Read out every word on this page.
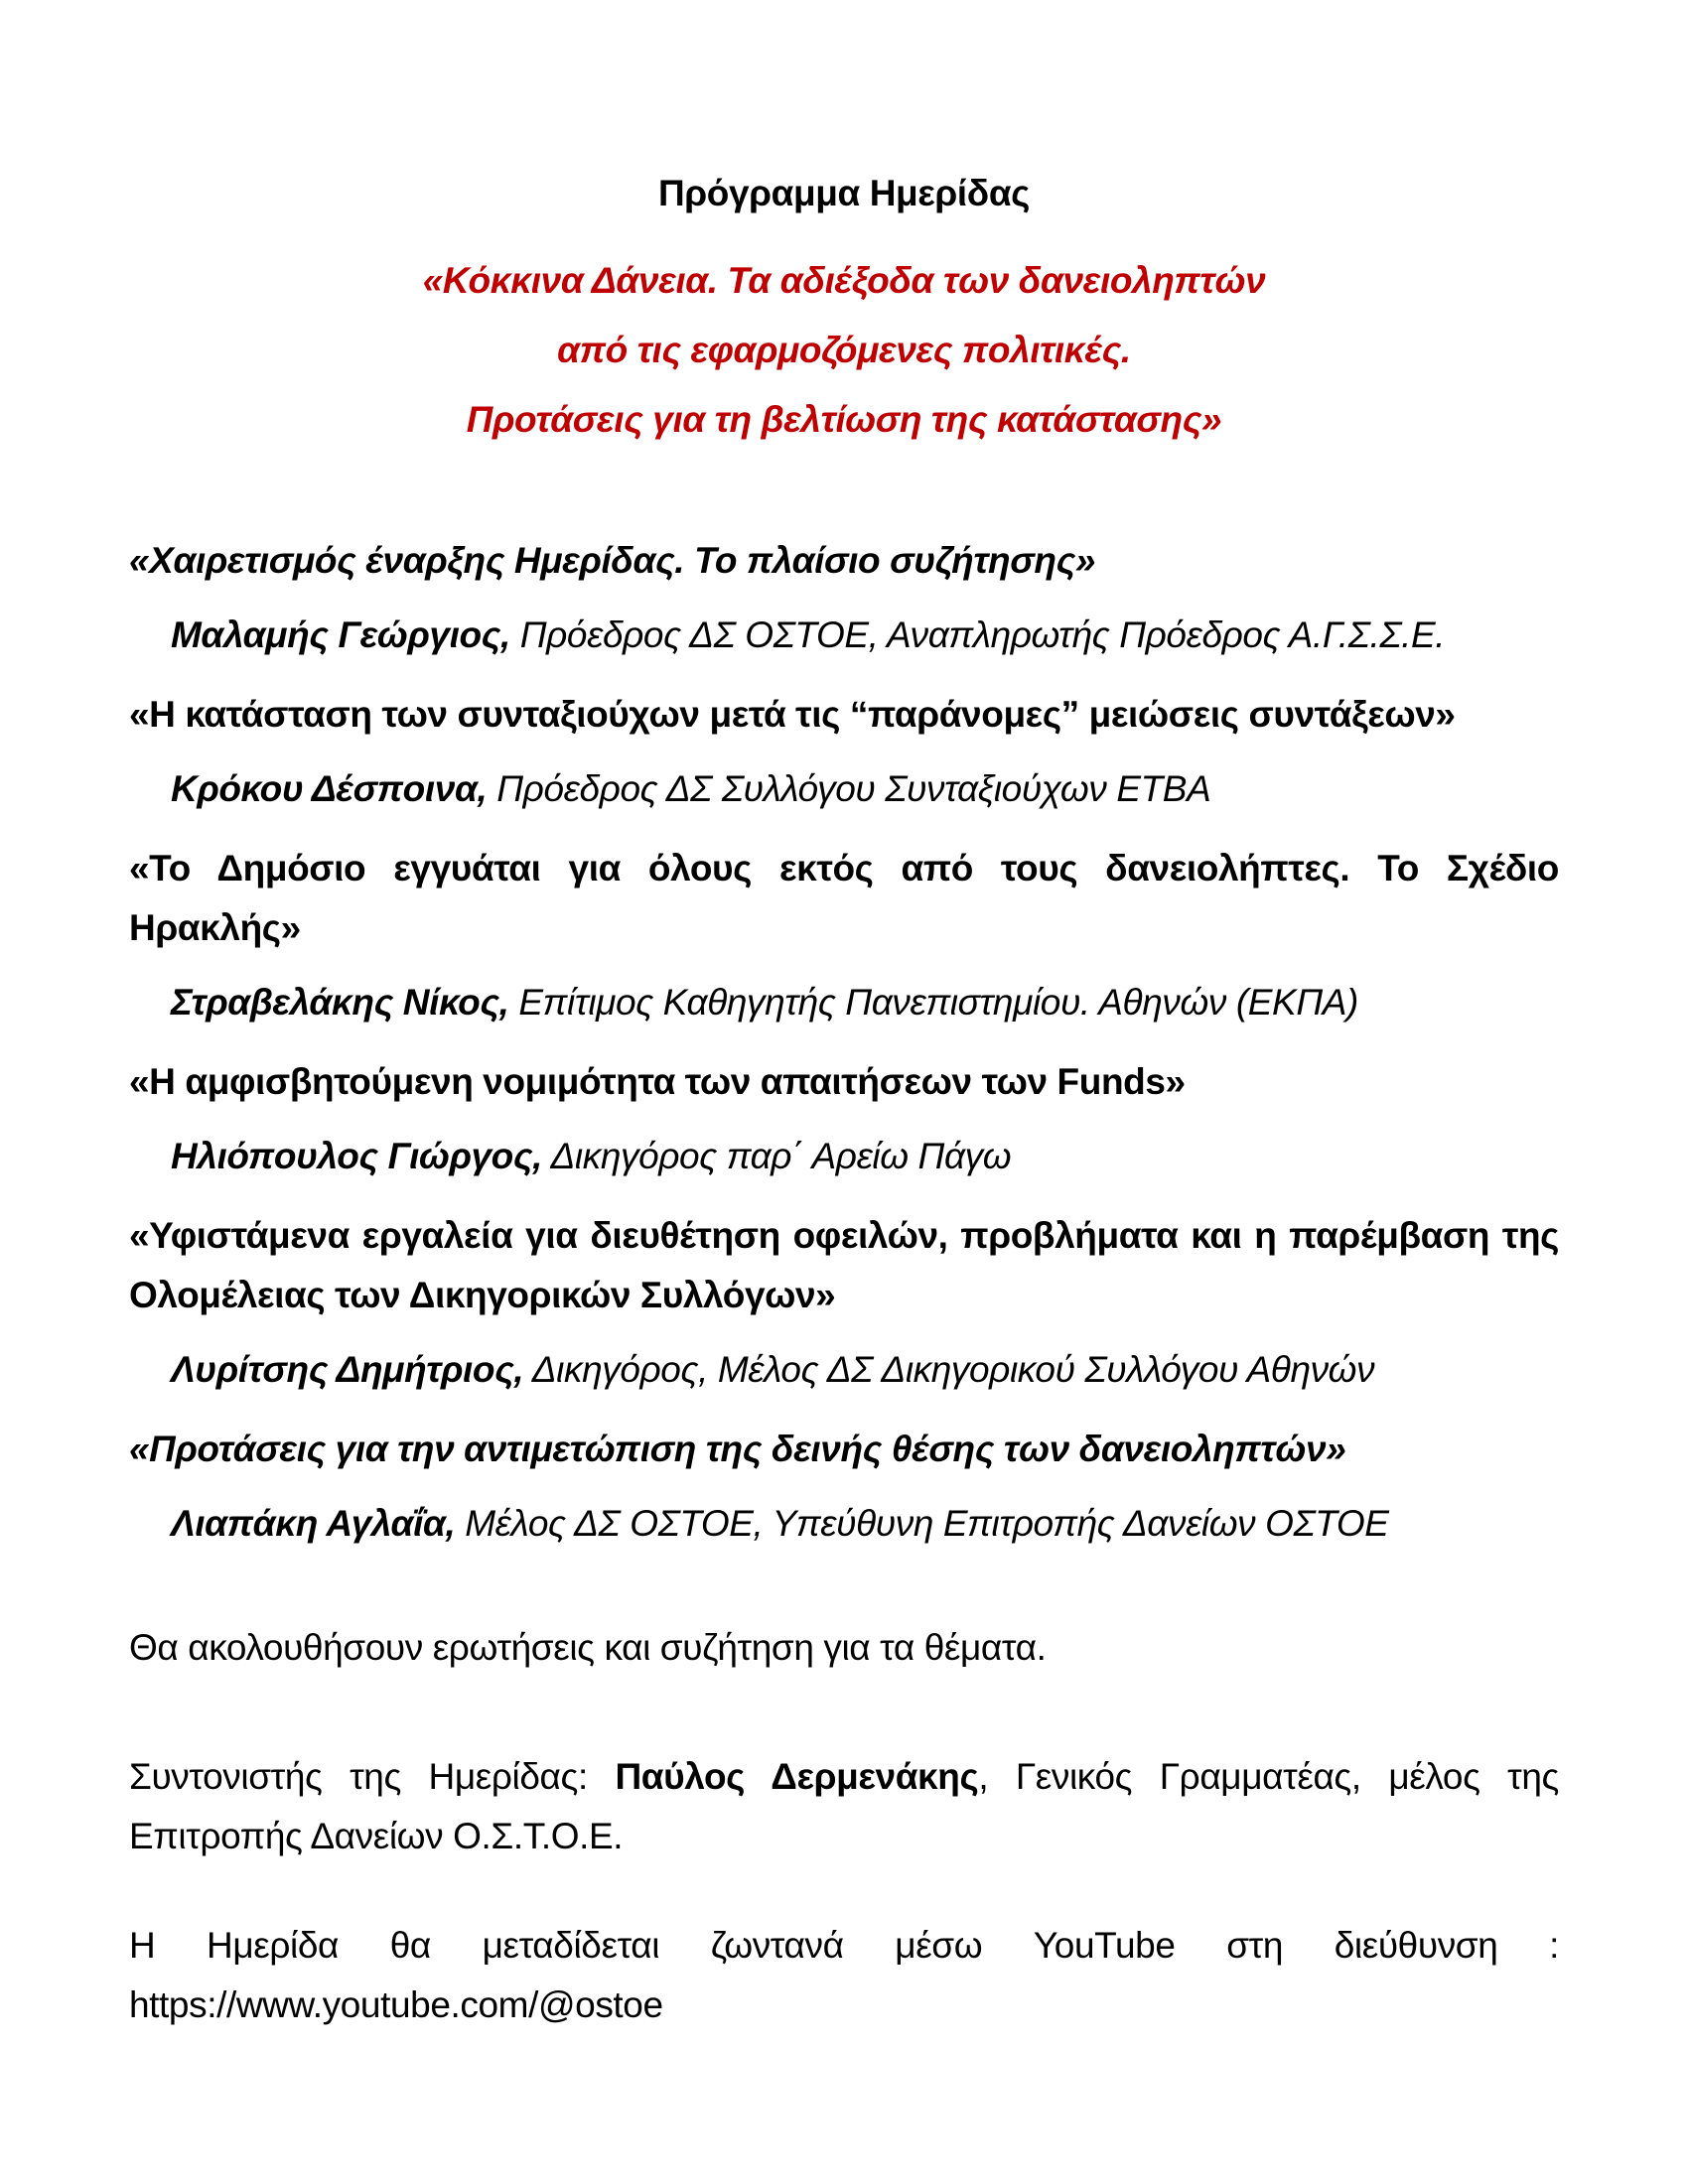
Πρόγραμμα Ημερίδας

«Κόκκινα Δάνεια. Τα αδιέξοδα των δανειοληπτών

από τις εφαρμοζόμενες πολιτικές.

Προτάσεις για τη βελτίωση της κατάστασης»

«Χαιρετισμός έναρξης Ημερίδας. Το πλαίσιο συζήτησης»

Μαλαμής Γεώργιος, Πρόεδρος ΔΣ ΟΣΤΟΕ, Αναπληρωτής Πρόεδρος Α.Γ.Σ.Σ.Ε.

«Η κατάσταση των συνταξιούχων μετά τις “παράνομες” μειώσεις συντάξεων»

Κρόκου Δέσποινα, Πρόεδρος ΔΣ Συλλόγου Συνταξιούχων ΕΤΒΑ

«Το Δημόσιο εγγυάται για όλους εκτός από τους δανειολήπτες. Το Σχέδιο Ηρακλής»

Στραβελάκης Νίκος, Επίτιμος Καθηγητής Πανεπιστημίου. Αθηνών (ΕΚΠΑ)

«Η αμφισβητούμενη νομιμότητα των απαιτήσεων των Funds»

Ηλιόπουλος Γιώργος, Δικηγόρος παρ΄ Αρείω Πάγω

«Υφιστάμενα εργαλεία για διευθέτηση οφειλών, προβλήματα και η παρέμβαση της Ολομέλειας των Δικηγορικών Συλλόγων»

Λυρίτσης Δημήτριος, Δικηγόρος, Μέλος ΔΣ Δικηγορικού Συλλόγου Αθηνών

«Προτάσεις για την αντιμετώπιση της δεινής θέσης των δανειοληπτών»

Λιαπάκη Αγλαΐα, Μέλος ΔΣ ΟΣΤΟΕ, Υπεύθυνη Επιτροπής Δανείων ΟΣΤΟΕ

Θα ακολουθήσουν ερωτήσεις και συζήτηση για τα θέματα.

Συντονιστής της Ημερίδας: Παύλος Δερμενάκης, Γενικός Γραμματέας, μέλος της Επιτροπής Δανείων Ο.Σ.Τ.Ο.Ε.

Η Ημερίδα θα μεταδίδεται ζωντανά μέσω YouTube στη διεύθυνση : https://www.youtube.com/@ostoe
